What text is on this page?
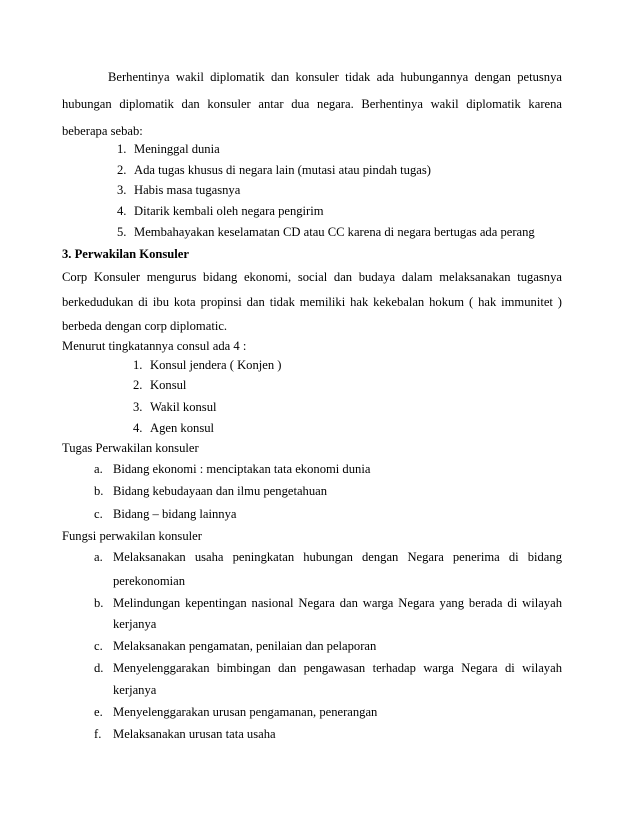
Berhentinya wakil diplomatik dan konsuler tidak ada hubungannya dengan petusnya
hubungan diplomatik dan konsuler antar dua negara. Berhentinya wakil diplomatik karena
beberapa sebab:
1. Meninggal dunia
2. Ada tugas khusus di negara lain (mutasi atau pindah tugas)
3. Habis masa tugasnya
4. Ditarik kembali oleh negara pengirim
5. Membahayakan keselamatan CD atau CC karena di negara bertugas ada perang
3. Perwakilan Konsuler
Corp Konsuler mengurus bidang ekonomi, social dan budaya dalam melaksanakan tugasnya
berkedudukan di ibu kota propinsi dan tidak memiliki hak kekebalan hokum ( hak immunitet )
berbeda dengan corp diplomatic.
Menurut tingkatannya consul ada 4 :
1. Konsul jendera ( Konjen )
2. Konsul
3. Wakil konsul
4. Agen konsul
Tugas Perwakilan konsuler
a. Bidang ekonomi : menciptakan tata ekonomi dunia
b. Bidang kebudayaan dan ilmu pengetahuan
c. Bidang – bidang lainnya
Fungsi perwakilan konsuler
a. Melaksanakan usaha peningkatan hubungan dengan Negara penerima di bidang
perekonomian
b. Melindungan kepentingan nasional Negara dan warga Negara yang berada di wilayah
kerjanya
c. Melaksanakan pengamatan, penilaian dan pelaporan
d. Menyelenggarakan bimbingan dan pengawasan terhadap warga Negara di wilayah
kerjanya
e. Menyelenggarakan urusan pengamanan, penerangan
f. Melaksanakan urusan tata usaha
